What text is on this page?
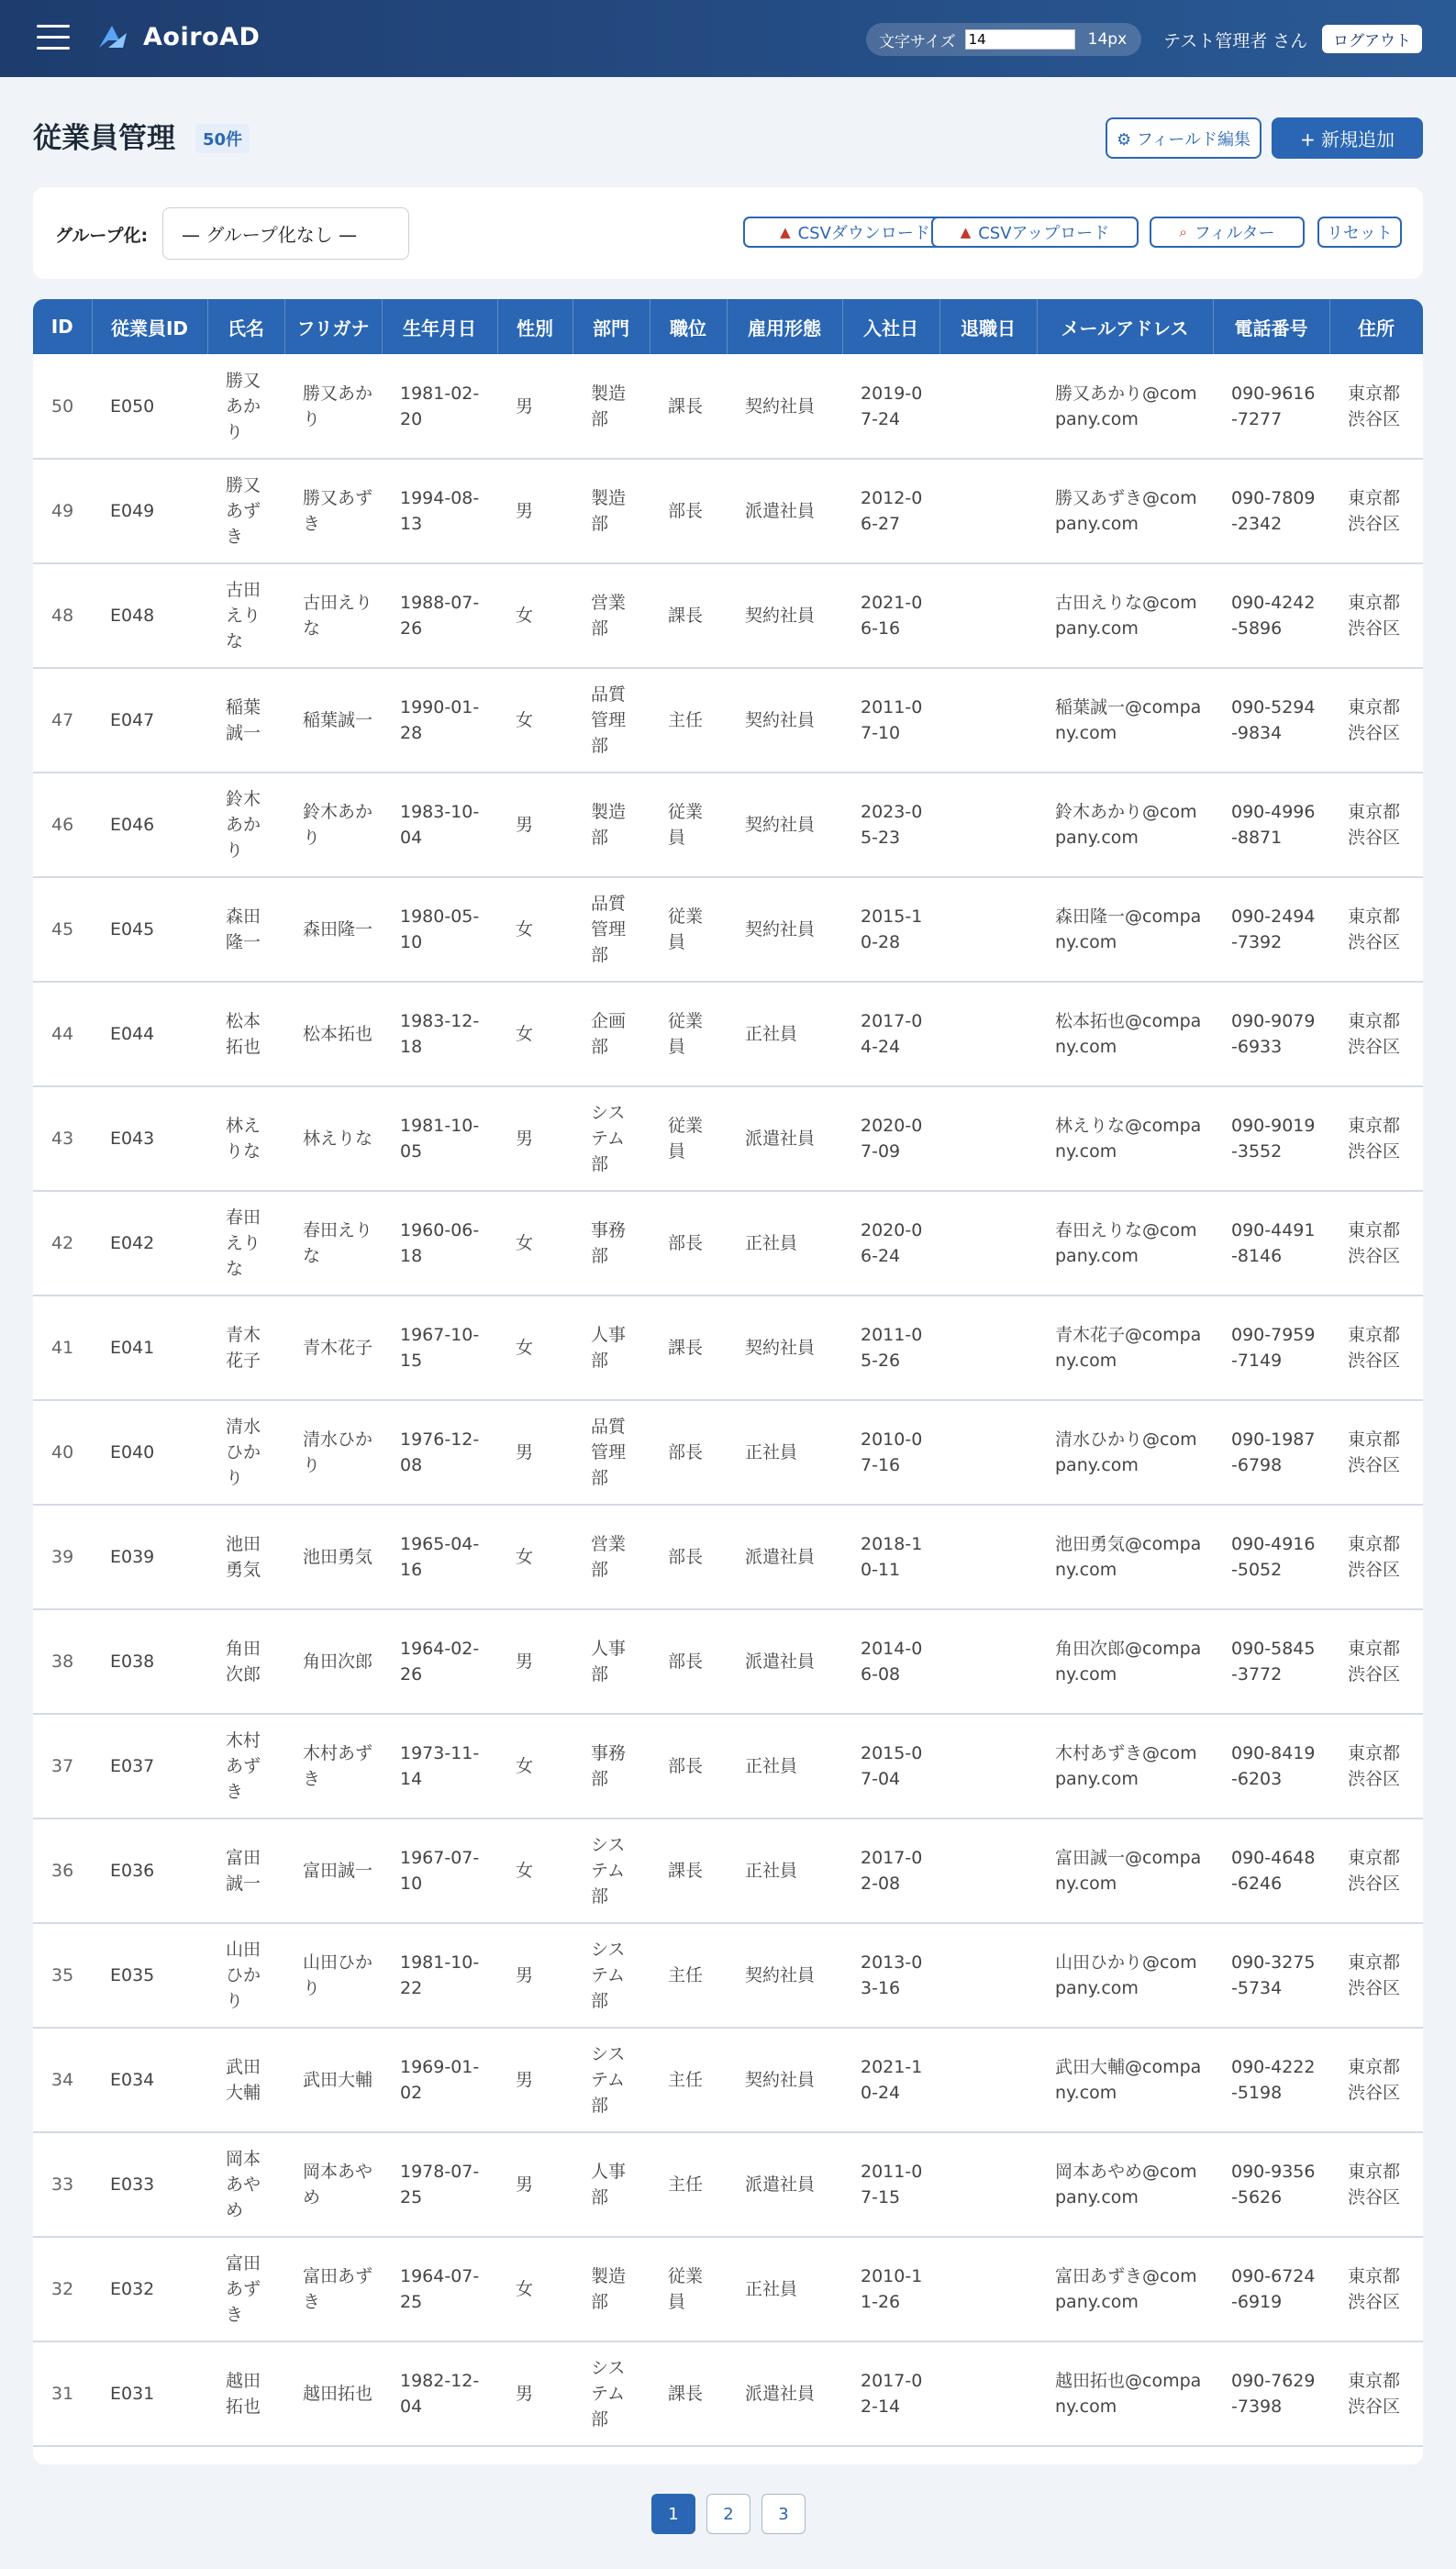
AoiroAD	文字サイズ
14	14px テスト管理者 さん	ログアウト
従業員管理	50件	⚙ フィールド編集	+ 新規追加
グループ化:	— グループ化なし —	▲ CSVダウンロード ▲ CSVアップロード	⌕ フィルター	リセット
ID	従業員ID	氏名	フリガナ	生年月日	性別	部門	職位	雇用形態	入社日	退職日	メールアドレス	電話番号	住所
50	E050	勝又あかり	勝又あかり	1981-02-20	男	製造部	課長	契約社員	2019-07-24		勝又あかり@company.com	090-9616-7277	東京都渋谷区
49	E049	勝又あずき	勝又あずき	1994-08-13	男	製造部	部長	派遣社員	2012-06-27		勝又あずき@company.com	090-7809-2342	東京都渋谷区
48	E048	古田えりな	古田えりな	1988-07-26	女	営業部	課長	契約社員	2021-06-16		古田えりな@company.com	090-4242-5896	東京都渋谷区
47	E047	稲葉誠一	稲葉誠一	1990-01-28	女	品質管理部	主任	契約社員	2011-07-10		稲葉誠一@company.com	090-5294-9834	東京都渋谷区
46	E046	鈴木あかり	鈴木あかり	1983-10-04	男	製造部	従業員	契約社員	2023-05-23		鈴木あかり@company.com	090-4996-8871	東京都渋谷区
45	E045	森田隆一	森田隆一	1980-05-10	女	品質管理部	従業員	契約社員	2015-10-28		森田隆一@company.com	090-2494-7392	東京都渋谷区
44	E044	松本拓也	松本拓也	1983-12-18	女	企画部	従業員	正社員	2017-04-24		松本拓也@company.com	090-9079-6933	東京都渋谷区
43	E043	林えりな	林えりな	1981-10-05	男	システム部	従業員	派遣社員	2020-07-09		林えりな@company.com	090-9019-3552	東京都渋谷区
42	E042	春田えりな	春田えりな	1960-06-18	女	事務部	部長	正社員	2020-06-24		春田えりな@company.com	090-4491-8146	東京都渋谷区
41	E041	青木花子	青木花子	1967-10-15	女	人事部	課長	契約社員	2011-05-26		青木花子@company.com	090-7959-7149	東京都渋谷区
40	E040	清水ひかり	清水ひかり	1976-12-08	男	品質管理部	部長	正社員	2010-07-16		清水ひかり@company.com	090-1987-6798	東京都渋谷区
39	E039	池田勇気	池田勇気	1965-04-16	女	営業部	部長	派遣社員	2018-10-11		池田勇気@company.com	090-4916-5052	東京都渋谷区
38	E038	角田次郎	角田次郎	1964-02-26	男	人事部	部長	派遣社員	2014-06-08		角田次郎@company.com	090-5845-3772	東京都渋谷区
37	E037	木村あずき	木村あずき	1973-11-14	女	事務部	部長	正社員	2015-07-04		木村あずき@company.com	090-8419-6203	東京都渋谷区
36	E036	富田誠一	富田誠一	1967-07-10	女	システム部	課長	正社員	2017-02-08		富田誠一@company.com	090-4648-6246	東京都渋谷区
35	E035	山田ひかり	山田ひかり	1981-10-22	男	システム部	主任	契約社員	2013-03-16		山田ひかり@company.com	090-3275-5734	東京都渋谷区
34	E034	武田大輔	武田大輔	1969-01-02	男	システム部	主任	契約社員	2021-10-24		武田大輔@company.com	090-4222-5198	東京都渋谷区
33	E033	岡本あやめ	岡本あやめ	1978-07-25	男	人事部	主任	派遣社員	2011-07-15		岡本あやめ@company.com	090-9356-5626	東京都渋谷区
32	E032	富田あずき	富田あずき	1964-07-25	女	製造部	従業員	正社員	2010-11-26		富田あずき@company.com	090-6724-6919	東京都渋谷区
31	E031	越田拓也	越田拓也	1982-12-04	男	システム部	課長	派遣社員	2017-02-14		越田拓也@company.com	090-7629-7398	東京都渋谷区
1	2	3
